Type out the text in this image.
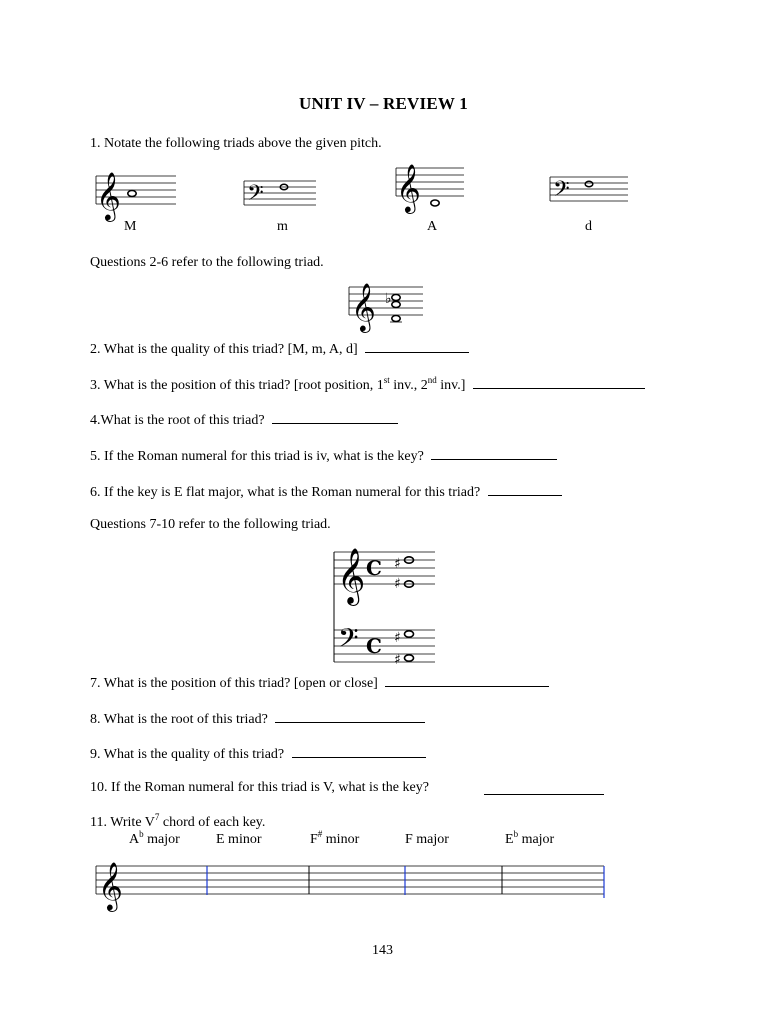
UNIT IV – REVIEW 1
1. Notate the following triads above the given pitch.
𝄞
M
𝄢
m
𝄞
A
𝄢
d
Questions 2-6 refer to the following triad.
𝄞 ♭
2. What is the quality of this triad? [M, m, A, d]
3. What is the position of this triad? [root position, 1st inv., 2nd inv.]
4.What is the root of this triad?
5. If the Roman numeral for this triad is iv, what is the key?
6. If the key is E flat major, what is the Roman numeral for this triad?
Questions 7-10 refer to the following triad.
𝄞 C ♯
♯
𝄢 C ♯
♯
7. What is the position of this triad? [open or close]
8. What is the root of this triad?
9. What is the quality of this triad?
10. If the Roman numeral for this triad is V, what is the key?
11. Write $V^7$ chord of each key.
$A^b$ major	E minor	F# minor	F major	$E^b$ major
𝄞
143
